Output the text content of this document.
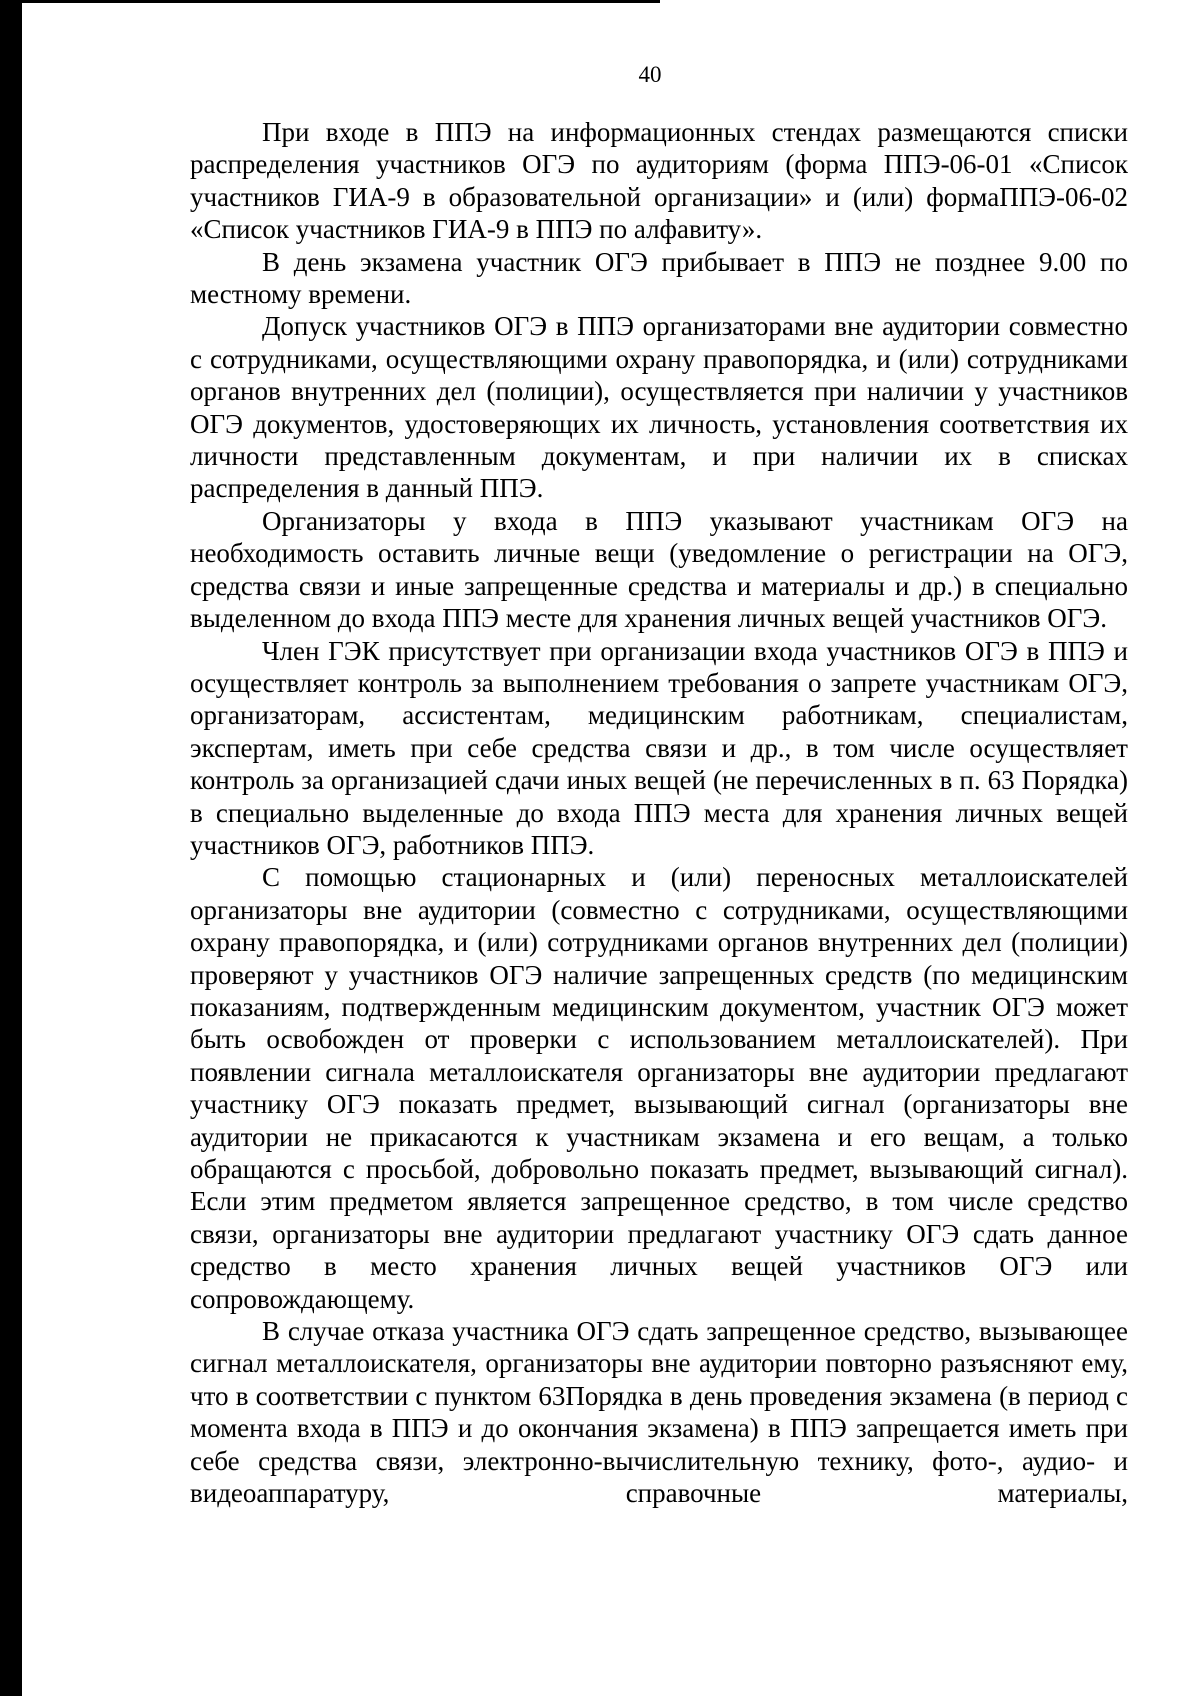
40

При входе в ППЭ на информационных стендах размещаются списки распределения участников ОГЭ по аудиториям (форма ППЭ-06-01 «Список участников ГИА-9 в образовательной организации» и (или) формаППЭ-06-02 «Список участников ГИА-9 в ППЭ по алфавиту».

В день экзамена участник ОГЭ прибывает в ППЭ не позднее 9.00 по местному времени.

Допуск участников ОГЭ в ППЭ организаторами вне аудитории совместно с сотрудниками, осуществляющими охрану правопорядка, и (или) сотрудниками органов внутренних дел (полиции), осуществляется при наличии у участников ОГЭ документов, удостоверяющих их личность, установления соответствия их личности представленным документам, и при наличии их в списках распределения в данный ППЭ.

Организаторы у входа в ППЭ указывают участникам ОГЭ на необходимость оставить личные вещи (уведомление о регистрации на ОГЭ, средства связи и иные запрещенные средства и материалы и др.) в специально выделенном до входа ППЭ месте для хранения личных вещей участников ОГЭ.

Член ГЭК присутствует при организации входа участников ОГЭ в ППЭ и осуществляет контроль за выполнением требования о запрете участникам ОГЭ, организаторам, ассистентам, медицинским работникам, специалистам, экспертам, иметь при себе средства связи и др., в том числе осуществляет контроль за организацией сдачи иных вещей (не перечисленных в п. 63 Порядка) в специально выделенные до входа ППЭ места для хранения личных вещей участников ОГЭ, работников ППЭ.

С помощью стационарных и (или) переносных металлоискателей организаторы вне аудитории (совместно с сотрудниками, осуществляющими охрану правопорядка, и (или) сотрудниками органов внутренних дел (полиции) проверяют у участников ОГЭ наличие запрещенных средств (по медицинским показаниям, подтвержденным медицинским документом, участник ОГЭ может быть освобожден от проверки с использованием металлоискателей). При появлении сигнала металлоискателя организаторы вне аудитории предлагают участнику ОГЭ показать предмет, вызывающий сигнал (организаторы вне аудитории не прикасаются к участникам экзамена и его вещам, а только обращаются с просьбой, добровольно показать предмет, вызывающий сигнал). Если этим предметом является запрещенное средство, в том числе средство связи, организаторы вне аудитории предлагают участнику ОГЭ сдать данное средство в место хранения личных вещей участников ОГЭ или сопровождающему.

В случае отказа участника ОГЭ сдать запрещенное средство, вызывающее сигнал металлоискателя, организаторы вне аудитории повторно разъясняют ему, что в соответствии с пунктом 63Порядка в день проведения экзамена (в период с момента входа в ППЭ и до окончания экзамена) в ППЭ запрещается иметь при себе средства связи, электронно-вычислительную технику, фото-, аудио- и видеоаппаратуру, справочные материалы,
